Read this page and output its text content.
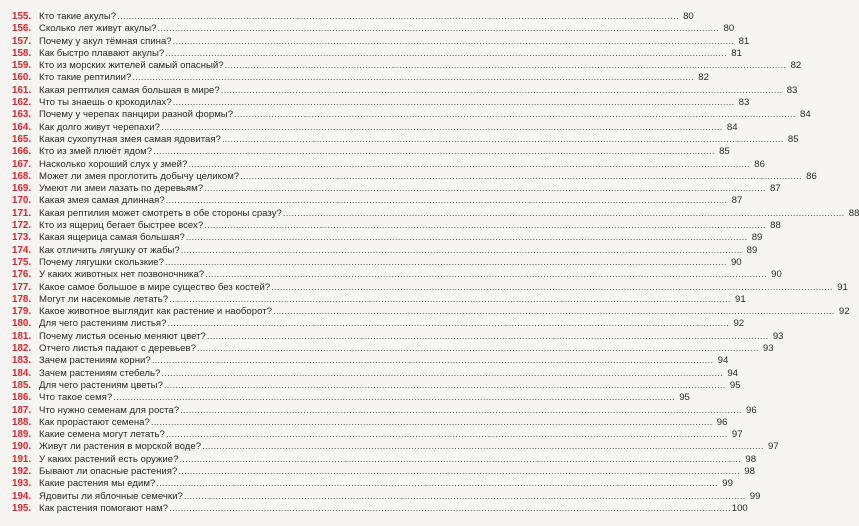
155. Кто такие акулы? .....	80
156. Сколько лет живут акулы? .....	80
157. Почему у акул тёмная спина? .....	81
158. Как быстро плавают акулы? .....	81
159. Кто из морских жителей самый опасный? .....	82
160. Кто такие рептилии? .....	82
161. Какая рептилия самая большая в мире? .....	83
162. Что ты знаешь о крокодилах? .....	83
163. Почему у черепах панцири разной формы? .....	84
164. Как долго живут черепахи? .....	84
165. Какая сухопутная змея самая ядовитая? .....	85
166. Кто из змей плюёт ядом? .....	85
167. Насколько хороший слух у змей? .....	86
168. Может ли змея проглотить добычу целиком? .....	86
169. Умеют ли змеи лазать по деревьям? .....	87
170. Какая змея самая длинная? .....	87
171. Какая рептилия может смотреть в обе стороны сразу? .....	88
172. Кто из ящериц бегает быстрее всех? .....	88
173. Какая ящерица самая большая? .....	89
174. Как отличить лягушку от жабы? .....	89
175. Почему лягушки скользкие? .....	90
176. У каких животных нет позвоночника? .....	90
177. Какое самое большое в мире существо без костей? .....	91
178. Могут ли насекомые летать? .....	91
179. Какое животное выглядит как растение и наоборот? .....	92
180. Для чего растениям листья? .....	92
181. Почему листья осенью меняют цвет? .....	93
182. Отчего листья падают с деревьев? .....	93
183. Зачем растениям корни? .....	94
184. Зачем растениям стебель? .....	94
185. Для чего растениям цветы? .....	95
186. Что такое семя? .....	95
187. Что нужно семенам для роста? .....	96
188. Как прорастают семена? .....	96
189. Какие семена могут летать? .....	97
190. Живут ли растения в морской воде? .....	97
191. У каких растений есть оружие? .....	98
192. Бывают ли опасные растения? .....	98
193. Какие растения мы едим? .....	99
194. Ядовиты ли яблочные семечки? .....	99
195. Как растения помогают нам? .....	100
